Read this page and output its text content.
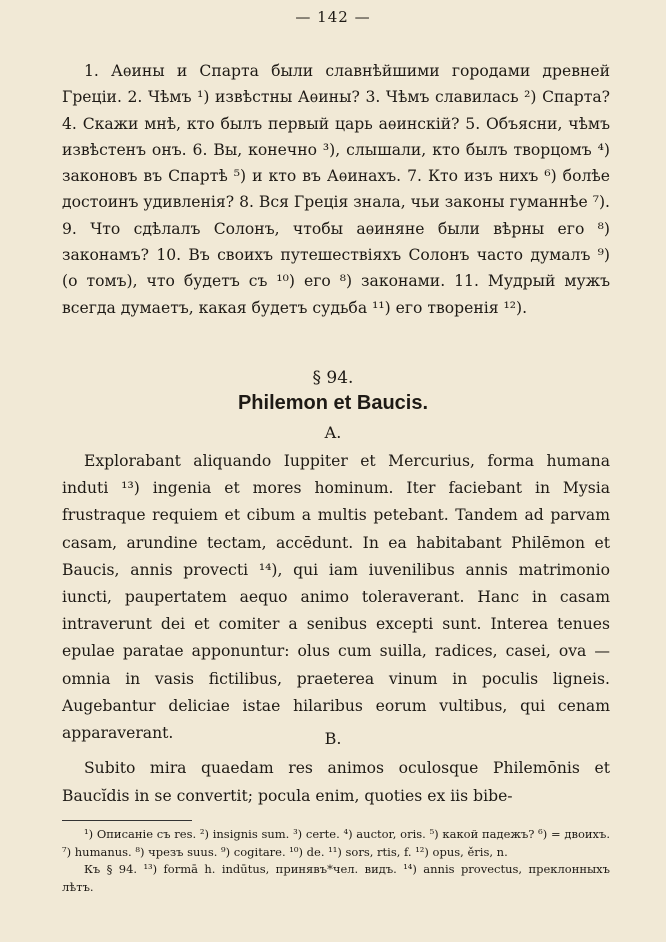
— 142 —
1. Аѳины и Спарта были славнѣйшими городами древней Греціи. 2. Чѣмъ ¹) извѣстны Аѳины? 3. Чѣмъ славилась ²) Спарта? 4. Скажи мнѣ, кто былъ первый царь аѳинскій? 5. Объясни, чѣмъ извѣстенъ онъ. 6. Вы, конечно ³), слышали, кто былъ творцомъ ⁴) законовъ въ Спартѣ ⁵) и кто въ Аѳинахъ. 7. Кто изъ нихъ ⁶) болѣе достоинъ удивленія? 8. Вся Греція знала, чьи законы гуманнѣе ⁷). 9. Что сдѣлалъ Солонъ, чтобы аѳиняне были вѣрны его ⁸) законамъ? 10. Въ своихъ путешествіяхъ Солонъ часто думалъ ⁹) (о томъ), что будетъ съ ¹⁰) его ⁸) законами. 11. Мудрый мужъ всегда думаетъ, какая будетъ судьба ¹¹) его творенія ¹²).
§ 94.
Philemon et Baucis.
A.
Explorabant aliquando Iuppiter et Mercurius, forma humana induti ¹³) ingenia et mores hominum. Iter faciebant in Mysia frustraque requiem et cibum a multis petebant. Tandem ad parvam casam, arundine tectam, accēdunt. In ea habitabant Philēmon et Baucis, annis provecti ¹⁴), qui iam iuvenilibus annis matrimonio iuncti, paupertatem aequo animo toleraverant. Hanc in casam intraverunt dei et comiter a senibus excepti sunt. Interea tenues epulae paratae apponuntur: olus cum suilla, radices, casei, ova — omnia in vasis fictilibus, praeterea vinum in poculis ligneis. Augebantur deliciae istae hilaribus eorum vultibus, qui cenam apparaverant.	B.
Subito mira quaedam res animos oculosque Philemōnis et Baucĭdis in se convertit; pocula enim, quoties ex iis bibe-
¹) Описаніе съ res. ²) insignis sum. ³) certe. ⁴) auctor, oris. ⁵) какой падежъ? ⁶) = двоихъ. ⁷) humanus. ⁸) чрезъ suus. ⁹) cogitare. ¹⁰) de. ¹¹) sors, rtis, f. ¹²) opus, ěris, n.
Къ § 94. ¹³) formā h. indūtus, принявъ*чел. видъ. ¹⁴) annis provectus, преклонныхъ лѣтъ.
